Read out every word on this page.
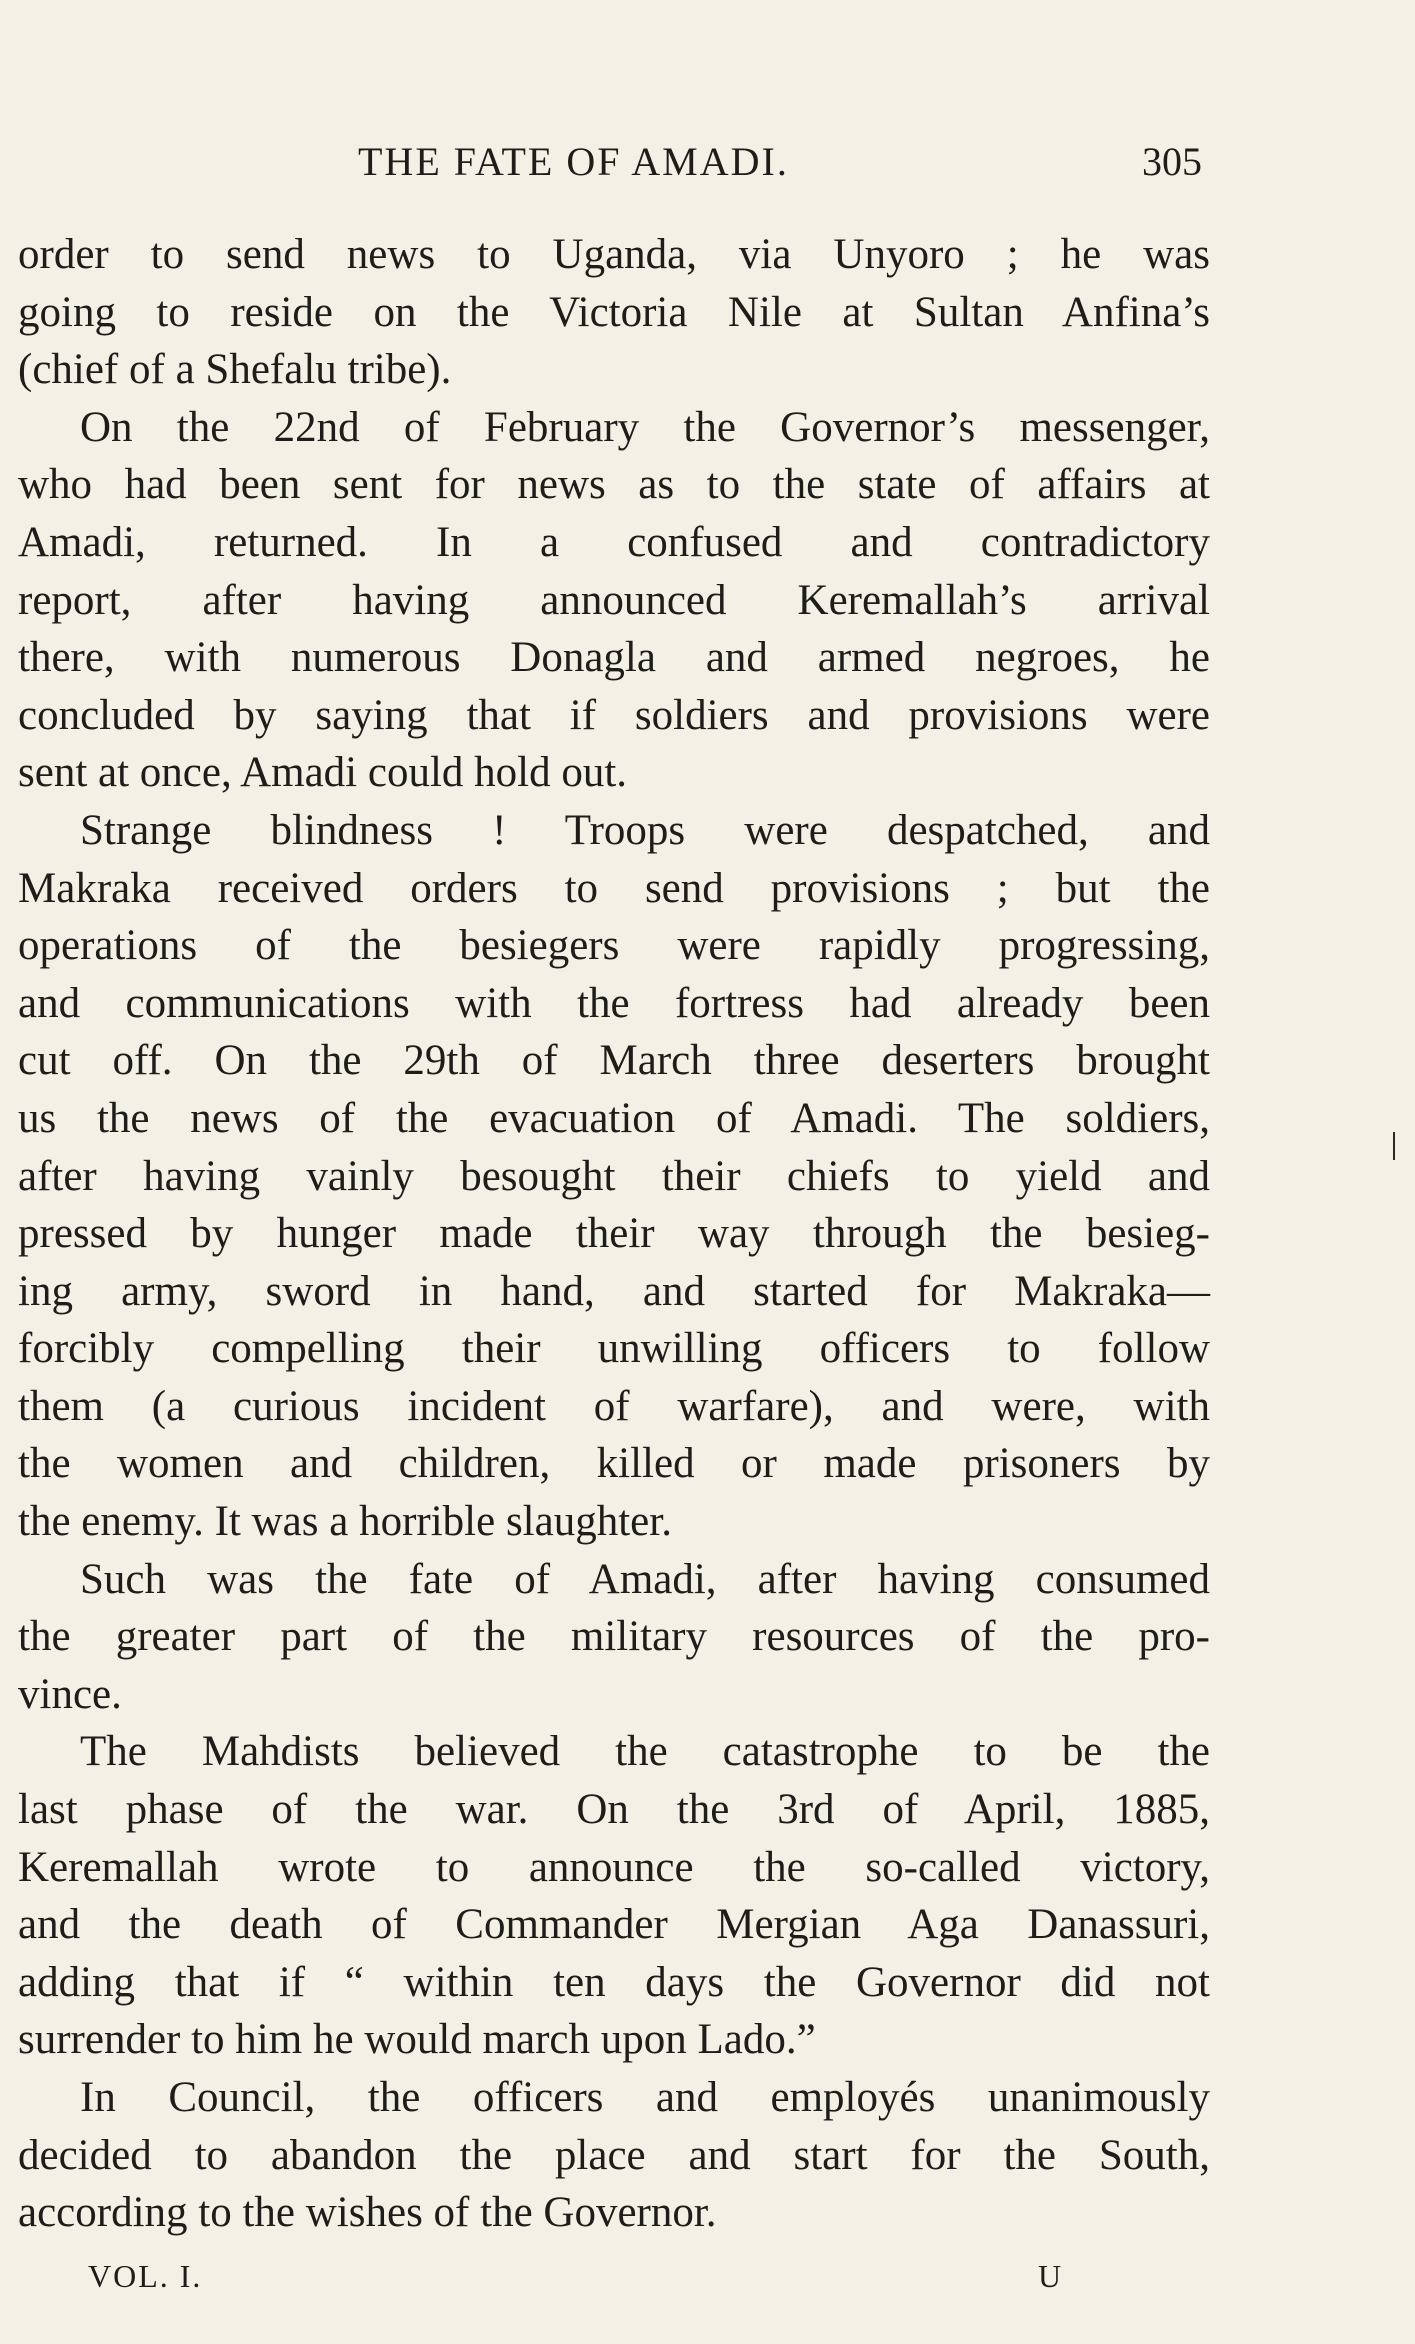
THE FATE OF AMADI.	305
order to send news to Uganda, via Unyoro ; he was
going to reside on the Victoria Nile at Sultan Anfina’s
(chief of a Shefalu tribe).
On the 22nd of February the Governor’s messenger,
who had been sent for news as to the state of affairs at
Amadi, returned. In a confused and contradictory
report, after having announced Keremallah’s arrival
there, with numerous Donagla and armed negroes, he
concluded by saying that if soldiers and provisions were
sent at once, Amadi could hold out.
Strange blindness ! Troops were despatched, and
Makraka received orders to send provisions ; but the
operations of the besiegers were rapidly progressing,
and communications with the fortress had already been
cut off. On the 29th of March three deserters brought
us the news of the evacuation of Amadi. The soldiers,
after having vainly besought their chiefs to yield and
pressed by hunger made their way through the besieg-
ing army, sword in hand, and started for Makraka—
forcibly compelling their unwilling officers to follow
them (a curious incident of warfare), and were, with
the women and children, killed or made prisoners by
the enemy. It was a horrible slaughter.
Such was the fate of Amadi, after having consumed
the greater part of the military resources of the pro-
vince.
The Mahdists believed the catastrophe to be the
last phase of the war. On the 3rd of April, 1885,
Keremallah wrote to announce the so-called victory,
and the death of Commander Mergian Aga Danassuri,
adding that if “ within ten days the Governor did not
surrender to him he would march upon Lado.”
In Council, the officers and employés unanimously
decided to abandon the place and start for the South,
according to the wishes of the Governor.
VOL. I.	U
